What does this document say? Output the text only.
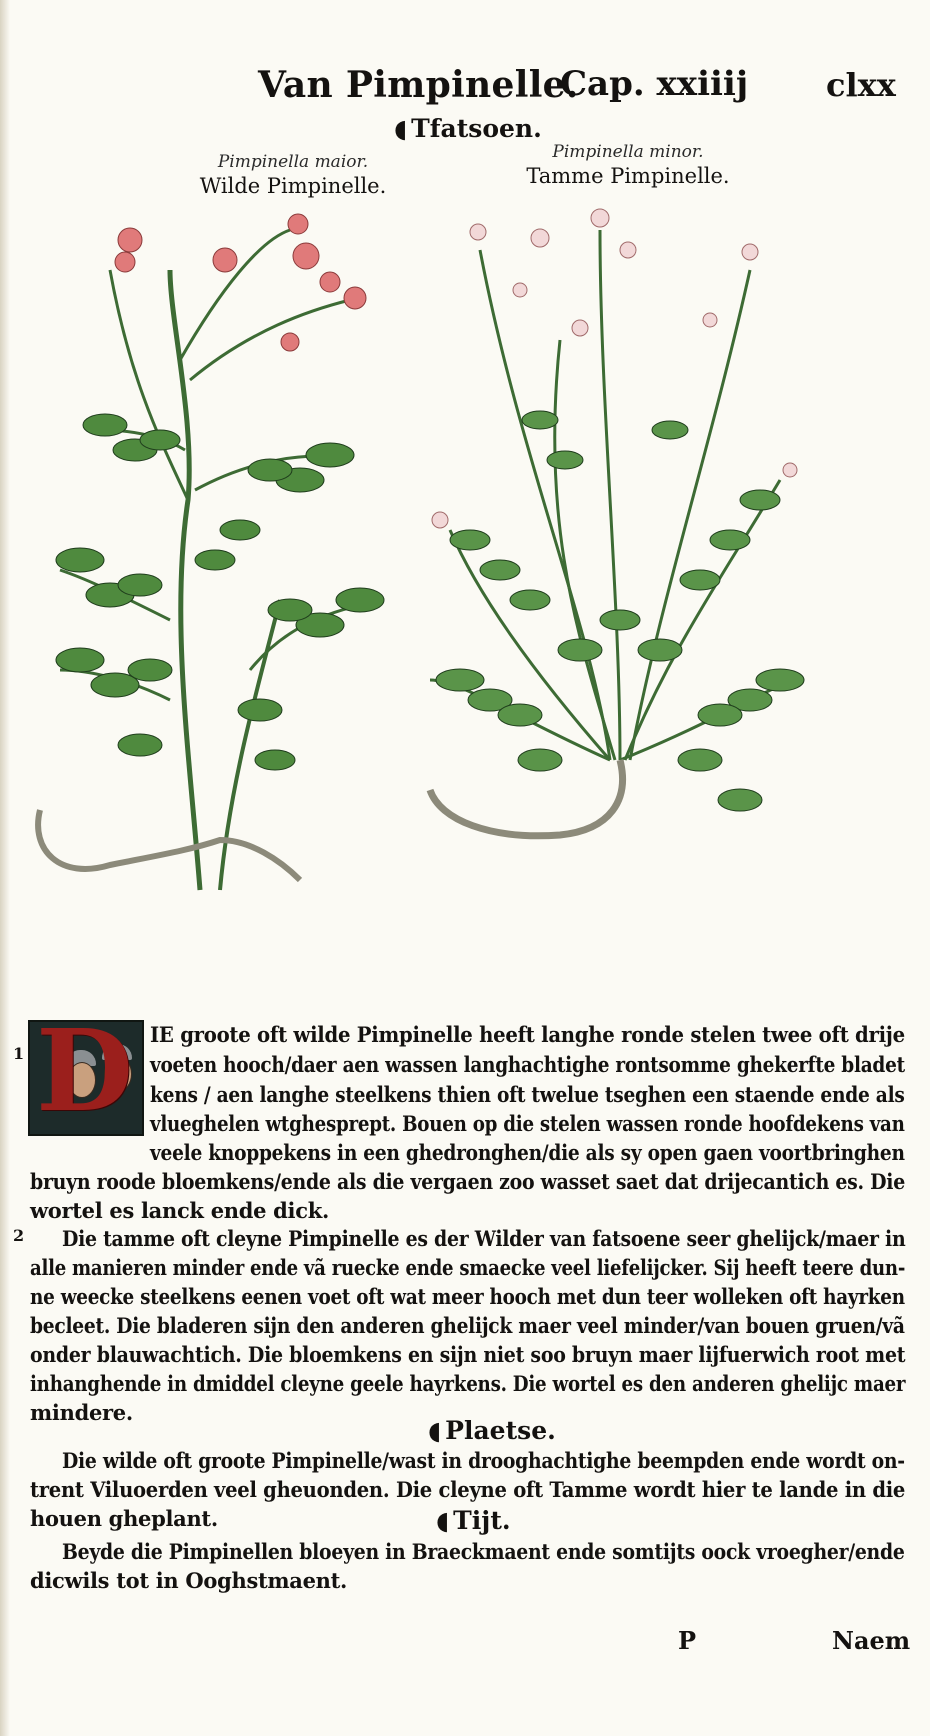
Van Pimpinelle.
Cap. xxiiij clxx
◖ Tfatsoen.
Pimpinella maior.
Wilde Pimpinelle.
Pimpinella minor.
Tamme Pimpinelle.
D
1
2
IE groote oft wilde Pimpinelle heeft langhe ronde stelen twee oft drije
voeten hooch/daer aen wassen langhachtighe rontsomme ghekerfte bladet
kens / aen langhe steelkens thien oft twelue tseghen een staende ende als
vlueghelen wtghesprept. Bouen op die stelen wassen ronde hoofdekens van
veele knoppekens in een ghedronghen/die als sy open gaen voortbringhen
bruyn roode bloemkens/ende als die vergaen zoo wasset saet dat drijecantich es. Die
wortel es lanck ende dick.
Die tamme oft cleyne Pimpinelle es der Wilder van fatsoene seer ghelijck/maer in
alle manieren minder ende vã ruecke ende smaecke veel liefelijcker. Sij heeft teere dun-
ne weecke steelkens eenen voet oft wat meer hooch met dun teer wolleken oft hayrken
becleet. Die bladeren sijn den anderen ghelijck maer veel minder/van bouen gruen/vã
onder blauwachtich. Die bloemkens en sijn niet soo bruyn maer lijfuerwich root met
inhanghende in dmiddel cleyne geele hayrkens. Die wortel es den anderen ghelijc maer
mindere.
◖ Plaetse.
Die wilde oft groote Pimpinelle/wast in drooghachtighe beempden ende wordt on-
trent Viluoerden veel gheuonden. Die cleyne oft Tamme wordt hier te lande in die
houen gheplant.	◖ Tijt.
Beyde die Pimpinellen bloeyen in Braeckmaent ende somtijts oock vroegher/ende
dicwils tot in Ooghstmaent.
P	Naem
